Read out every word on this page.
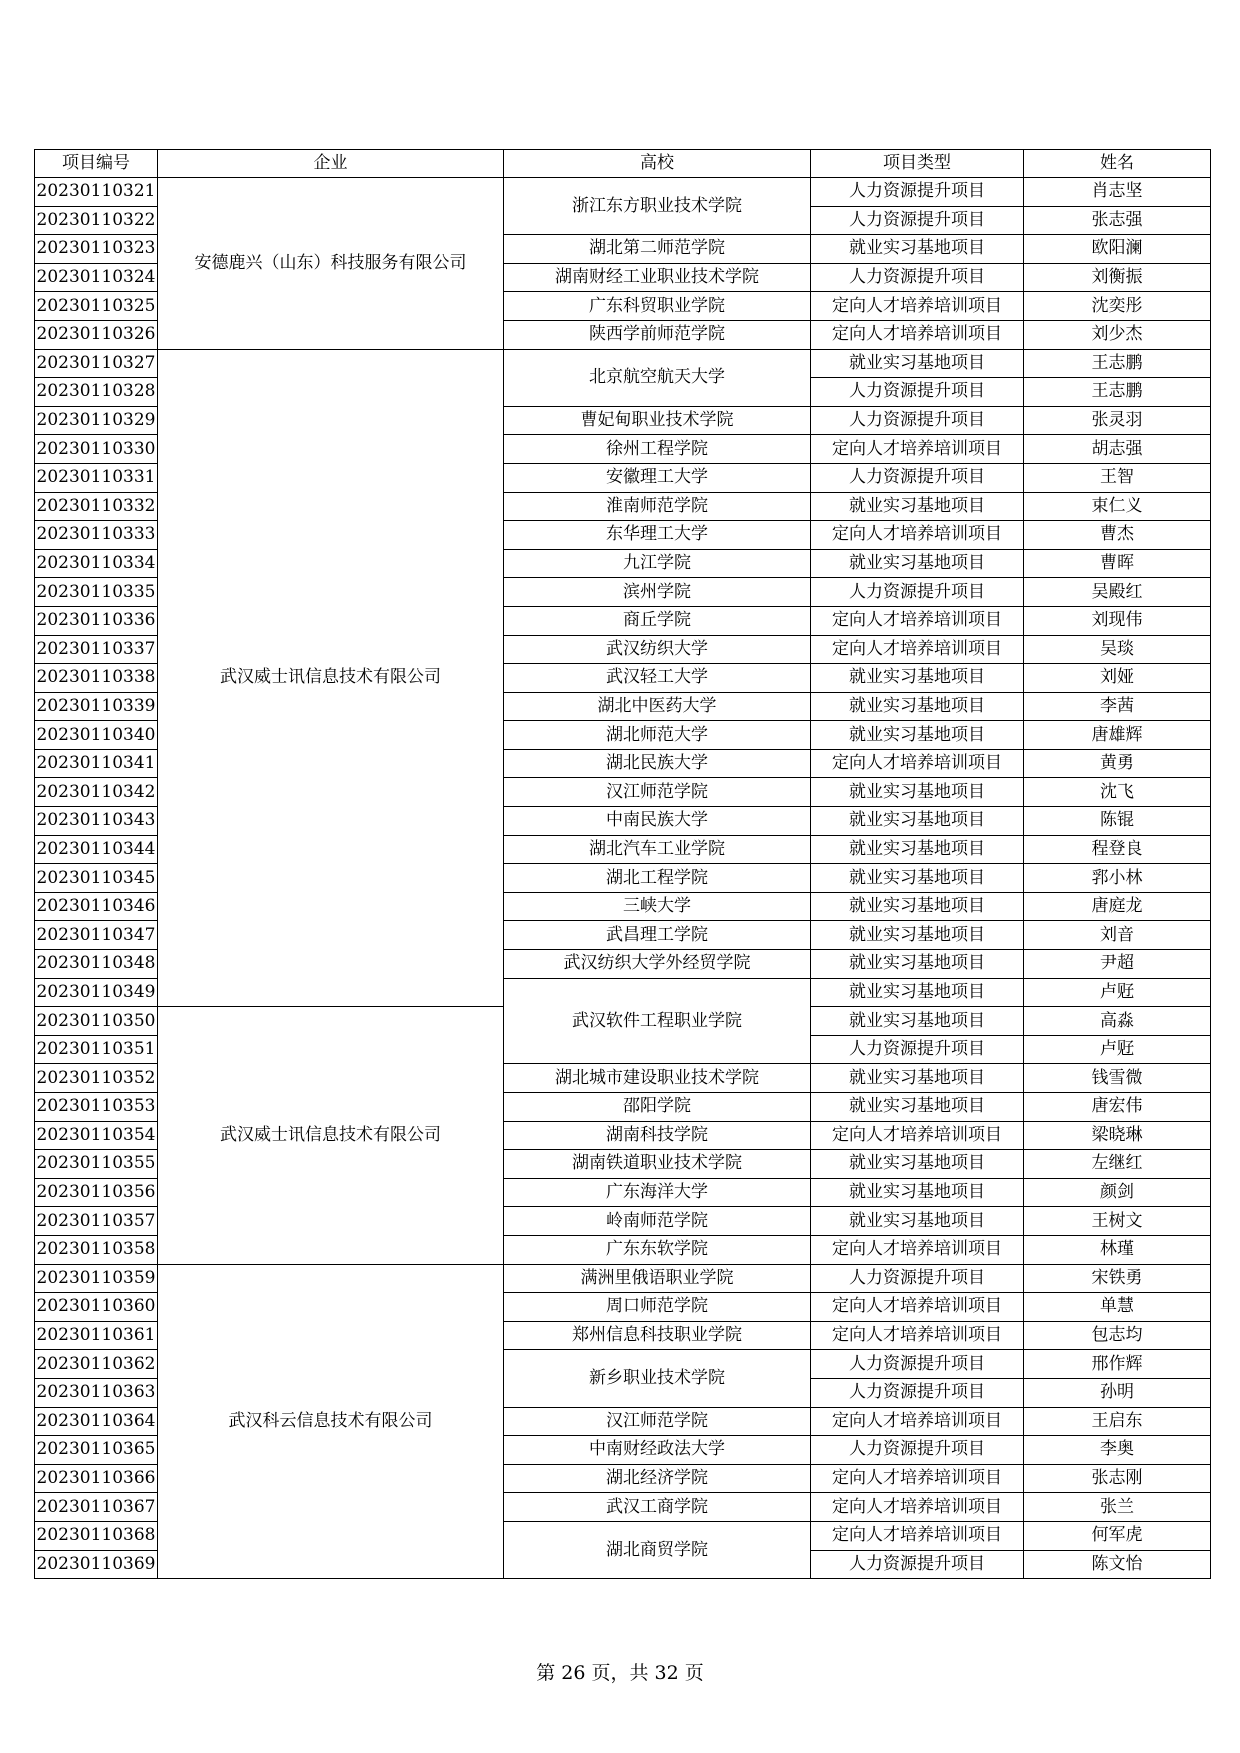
项目编号	企业	高校	项目类型	姓名
20230110321	安德鹿兴（山东）科技服务有限公司	浙江东方职业技术学院	人力资源提升项目	肖志坚
20230110322			人力资源提升项目	张志强
20230110323		湖北第二师范学院	就业实习基地项目	欧阳澜
20230110324		湖南财经工业职业技术学院	人力资源提升项目	刘衡振
20230110325		广东科贸职业学院	定向人才培养培训项目	沈奕彤
20230110326		陕西学前师范学院	定向人才培养培训项目	刘少杰
20230110327	武汉威士讯信息技术有限公司	北京航空航天大学	就业实习基地项目	王志鹏
20230110328			人力资源提升项目	王志鹏
20230110329		曹妃甸职业技术学院	人力资源提升项目	张灵羽
20230110330		徐州工程学院	定向人才培养培训项目	胡志强
20230110331		安徽理工大学	人力资源提升项目	王智
20230110332		淮南师范学院	就业实习基地项目	束仁义
20230110333		东华理工大学	定向人才培养培训项目	曹杰
20230110334		九江学院	就业实习基地项目	曹晖
20230110335		滨州学院	人力资源提升项目	吴殿红
20230110336		商丘学院	定向人才培养培训项目	刘现伟
20230110337		武汉纺织大学	定向人才培养培训项目	吴琰
20230110338		武汉轻工大学	就业实习基地项目	刘娅
20230110339		湖北中医药大学	就业实习基地项目	李茜
20230110340		湖北师范大学	就业实习基地项目	唐雄辉
20230110341		湖北民族大学	定向人才培养培训项目	黄勇
20230110342		汉江师范学院	就业实习基地项目	沈飞
20230110343		中南民族大学	就业实习基地项目	陈锟
20230110344		湖北汽车工业学院	就业实习基地项目	程登良
20230110345		湖北工程学院	就业实习基地项目	郛小林
20230110346		三峡大学	就业实习基地项目	唐庭龙
20230110347		武昌理工学院	就业实习基地项目	刘音
20230110348		武汉纺织大学外经贸学院	就业实习基地项目	尹超
20230110349		武汉软件工程职业学院	就业实习基地项目	卢觃
20230110350	武汉威士讯信息技术有限公司		就业实习基地项目	高淼
20230110351			人力资源提升项目	卢觃
20230110352		湖北城市建设职业技术学院	就业实习基地项目	钱雪微
20230110353		邵阳学院	就业实习基地项目	唐宏伟
20230110354		湖南科技学院	定向人才培养培训项目	梁晓琳
20230110355		湖南铁道职业技术学院	就业实习基地项目	左继红
20230110356		广东海洋大学	就业实习基地项目	颜剑
20230110357		岭南师范学院	就业实习基地项目	王树文
20230110358		广东东软学院	定向人才培养培训项目	林瑾
20230110359	武汉科云信息技术有限公司	满洲里俄语职业学院	人力资源提升项目	宋铁勇
20230110360		周口师范学院	定向人才培养培训项目	单慧
20230110361		郑州信息科技职业学院	定向人才培养培训项目	包志均
20230110362		新乡职业技术学院	人力资源提升项目	邢作辉
20230110363			人力资源提升项目	孙明
20230110364		汉江师范学院	定向人才培养培训项目	王启东
20230110365		中南财经政法大学	人力资源提升项目	李奥
20230110366		湖北经济学院	定向人才培养培训项目	张志刚
20230110367		武汉工商学院	定向人才培养培训项目	张兰
20230110368		湖北商贸学院	定向人才培养培训项目	何军虎
20230110369			人力资源提升项目	陈文怡
第 26 页，共 32 页
